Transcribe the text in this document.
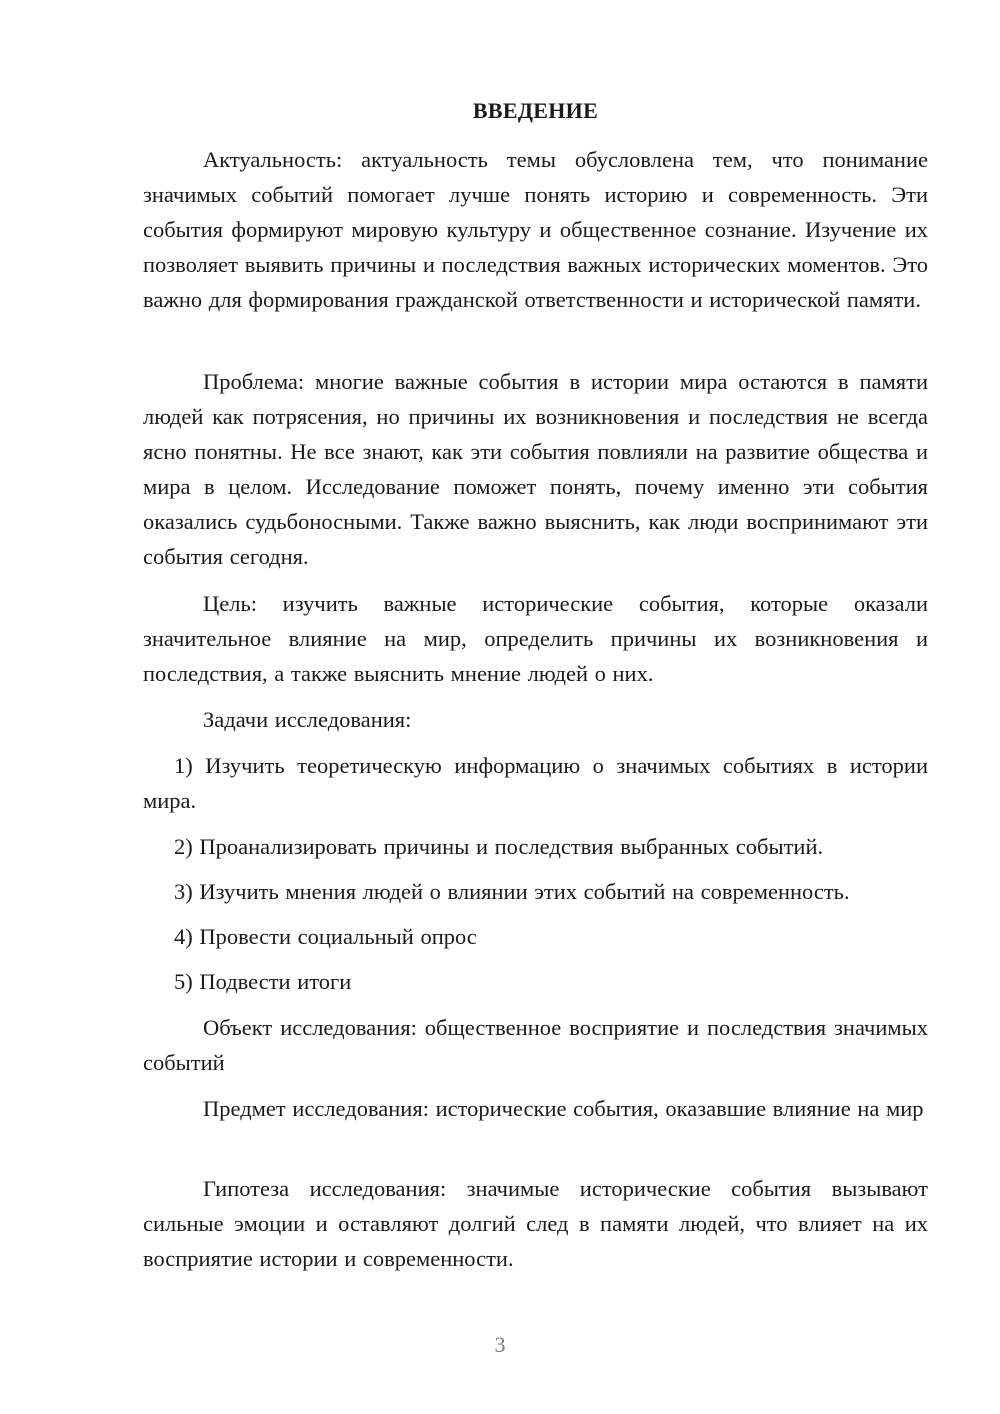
ВВЕДЕНИЕ
Актуальность: актуальность темы обусловлена тем, что понимание значимых событий помогает лучше понять историю и современность. Эти события формируют мировую культуру и общественное сознание. Изучение их позволяет выявить причины и последствия важных исторических моментов. Это важно для формирования гражданской ответственности и исторической памяти.
Проблема: многие важные события в истории мира остаются в памяти людей как потрясения, но причины их возникновения и последствия не всегда ясно понятны. Не все знают, как эти события повлияли на развитие общества и мира в целом. Исследование поможет понять, почему именно эти события оказались судьбоносными. Также важно выяснить, как люди воспринимают эти события сегодня.
Цель: изучить важные исторические события, которые оказали значительное влияние на мир, определить причины их возникновения и последствия, а также выяснить мнение людей о них.
Задачи исследования:
1) Изучить теоретическую информацию о значимых событиях в истории мира.
2) Проанализировать причины и последствия выбранных событий.
3) Изучить мнения людей о влиянии этих событий на современность.
4) Провести социальный опрос
5) Подвести итоги
Объект исследования: общественное восприятие и последствия значимых событий
Предмет исследования: исторические события, оказавшие влияние на мир
Гипотеза исследования: значимые исторические события вызывают сильные эмоции и оставляют долгий след в памяти людей, что влияет на их восприятие истории и современности.
3
